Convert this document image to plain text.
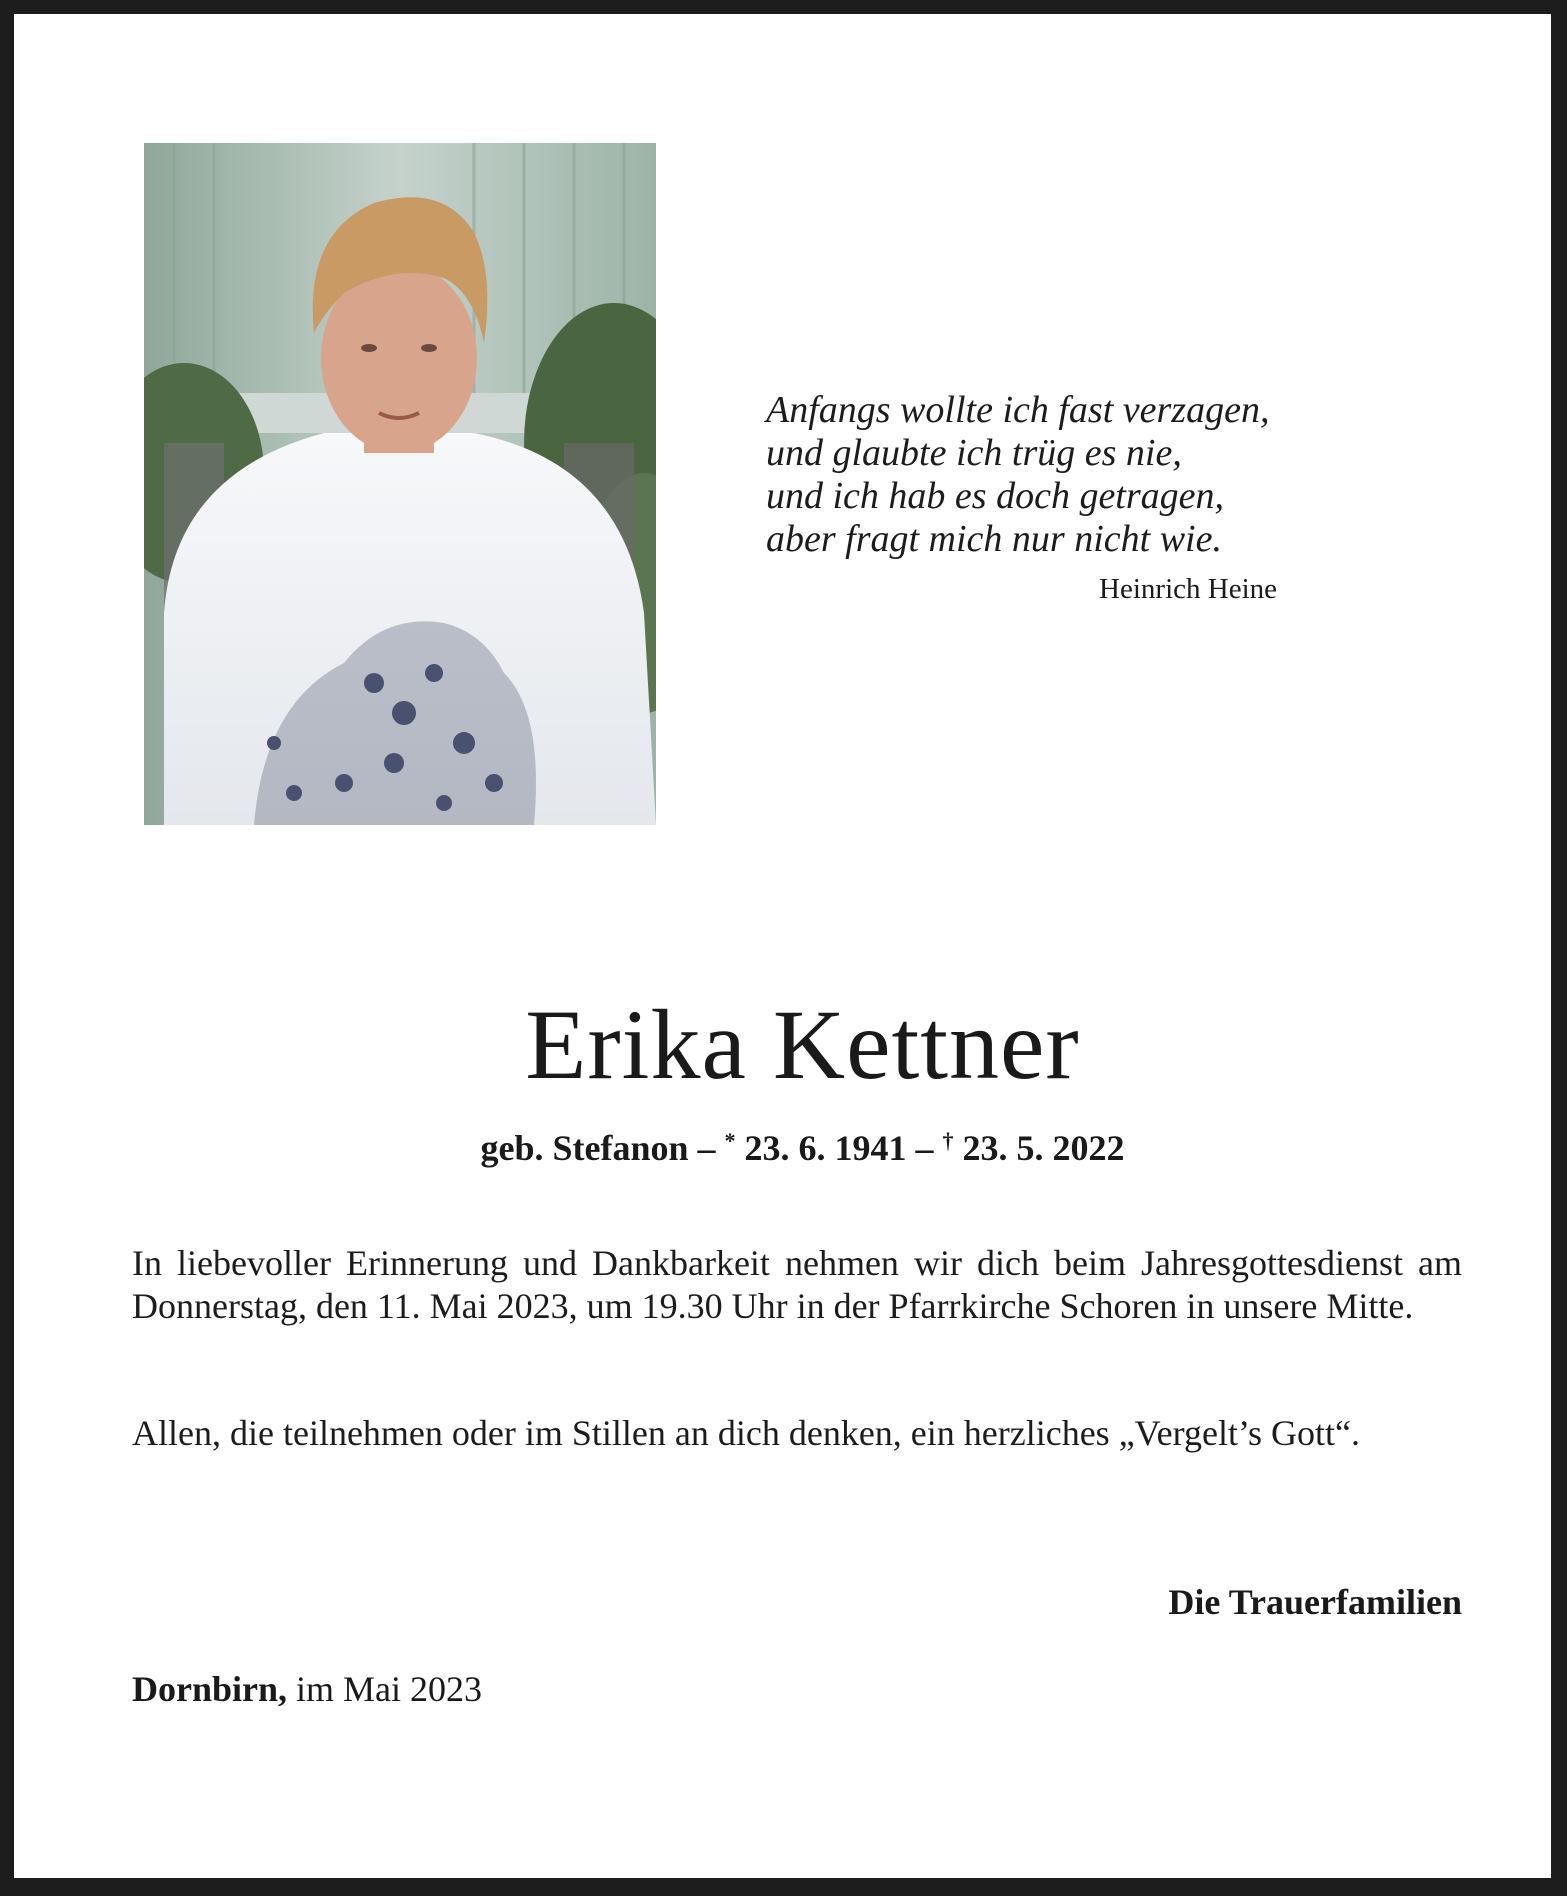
Anfangs wollte ich fast verzagen,
und glaubte ich trüg es nie,
und ich hab es doch getragen,
aber fragt mich nur nicht wie.
Heinrich Heine
Erika Kettner
geb. Stefanon – * 23. 6. 1941 – † 23. 5. 2022
In liebevoller Erinnerung und Dankbarkeit nehmen wir dich beim Jahresgottesdienst am Donnerstag, den 11. Mai 2023, um 19.30 Uhr in der Pfarrkirche Schoren in unsere Mitte.
Allen, die teilnehmen oder im Stillen an dich denken, ein herzliches „Vergelt’s Gott“.
Die Trauerfamilien
Dornbirn, im Mai 2023
